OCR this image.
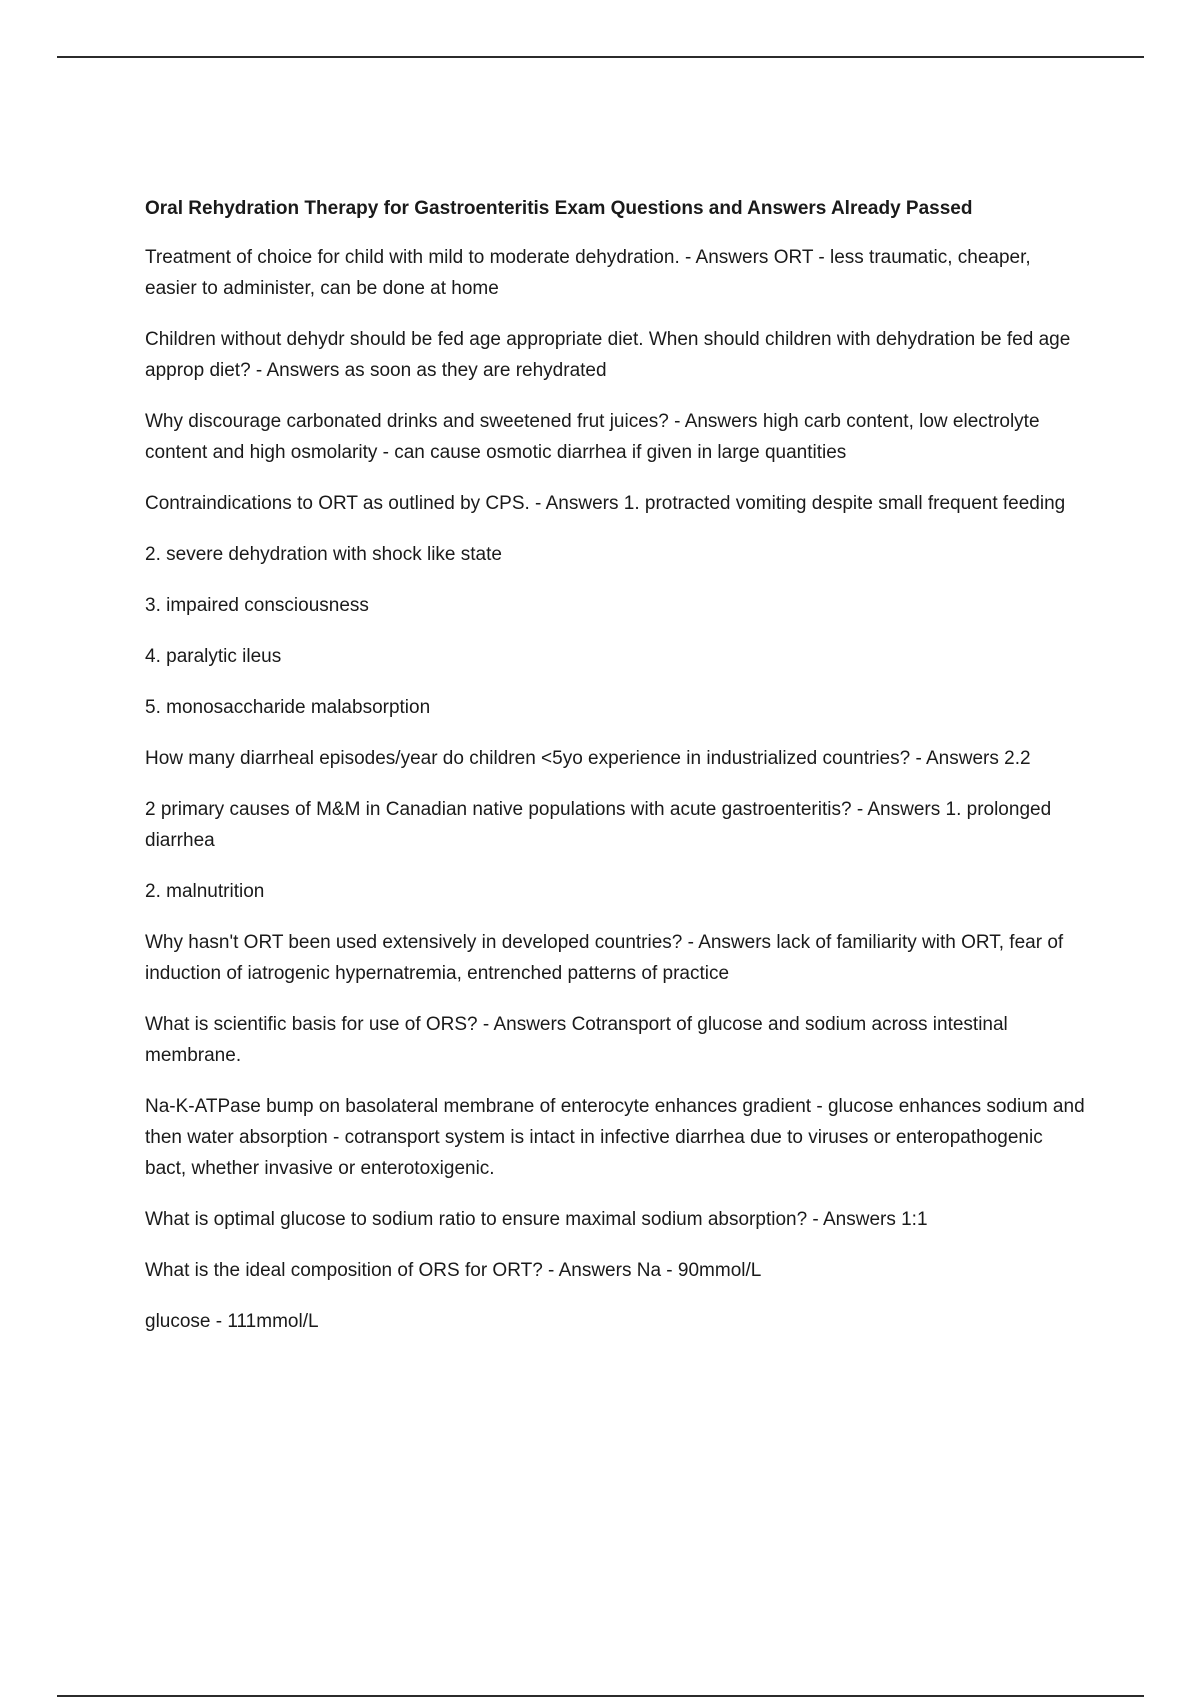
Oral Rehydration Therapy for Gastroenteritis Exam Questions and Answers Already Passed

Treatment of choice for child with mild to moderate dehydration. - Answers ORT - less traumatic, cheaper, easier to administer, can be done at home

Children without dehydr should be fed age appropriate diet. When should children with dehydration be fed age approp diet? - Answers as soon as they are rehydrated

Why discourage carbonated drinks and sweetened frut juices? - Answers high carb content, low electrolyte content and high osmolarity - can cause osmotic diarrhea if given in large quantities

Contraindications to ORT as outlined by CPS. - Answers 1. protracted vomiting despite small frequent feeding

2. severe dehydration with shock like state

3. impaired consciousness

4. paralytic ileus

5. monosaccharide malabsorption

How many diarrheal episodes/year do children <5yo experience in industrialized countries? - Answers 2.2

2 primary causes of M&M in Canadian native populations with acute gastroenteritis? - Answers 1. prolonged diarrhea

2. malnutrition

Why hasn't ORT been used extensively in developed countries? - Answers lack of familiarity with ORT, fear of induction of iatrogenic hypernatremia, entrenched patterns of practice

What is scientific basis for use of ORS? - Answers Cotransport of glucose and sodium across intestinal membrane.

Na-K-ATPase bump on basolateral membrane of enterocyte enhances gradient - glucose enhances sodium and then water absorption - cotransport system is intact in infective diarrhea due to viruses or enteropathogenic bact, whether invasive or enterotoxigenic.

What is optimal glucose to sodium ratio to ensure maximal sodium absorption? - Answers 1:1

What is the ideal composition of ORS for ORT? - Answers Na - 90mmol/L

glucose - 111mmol/L
